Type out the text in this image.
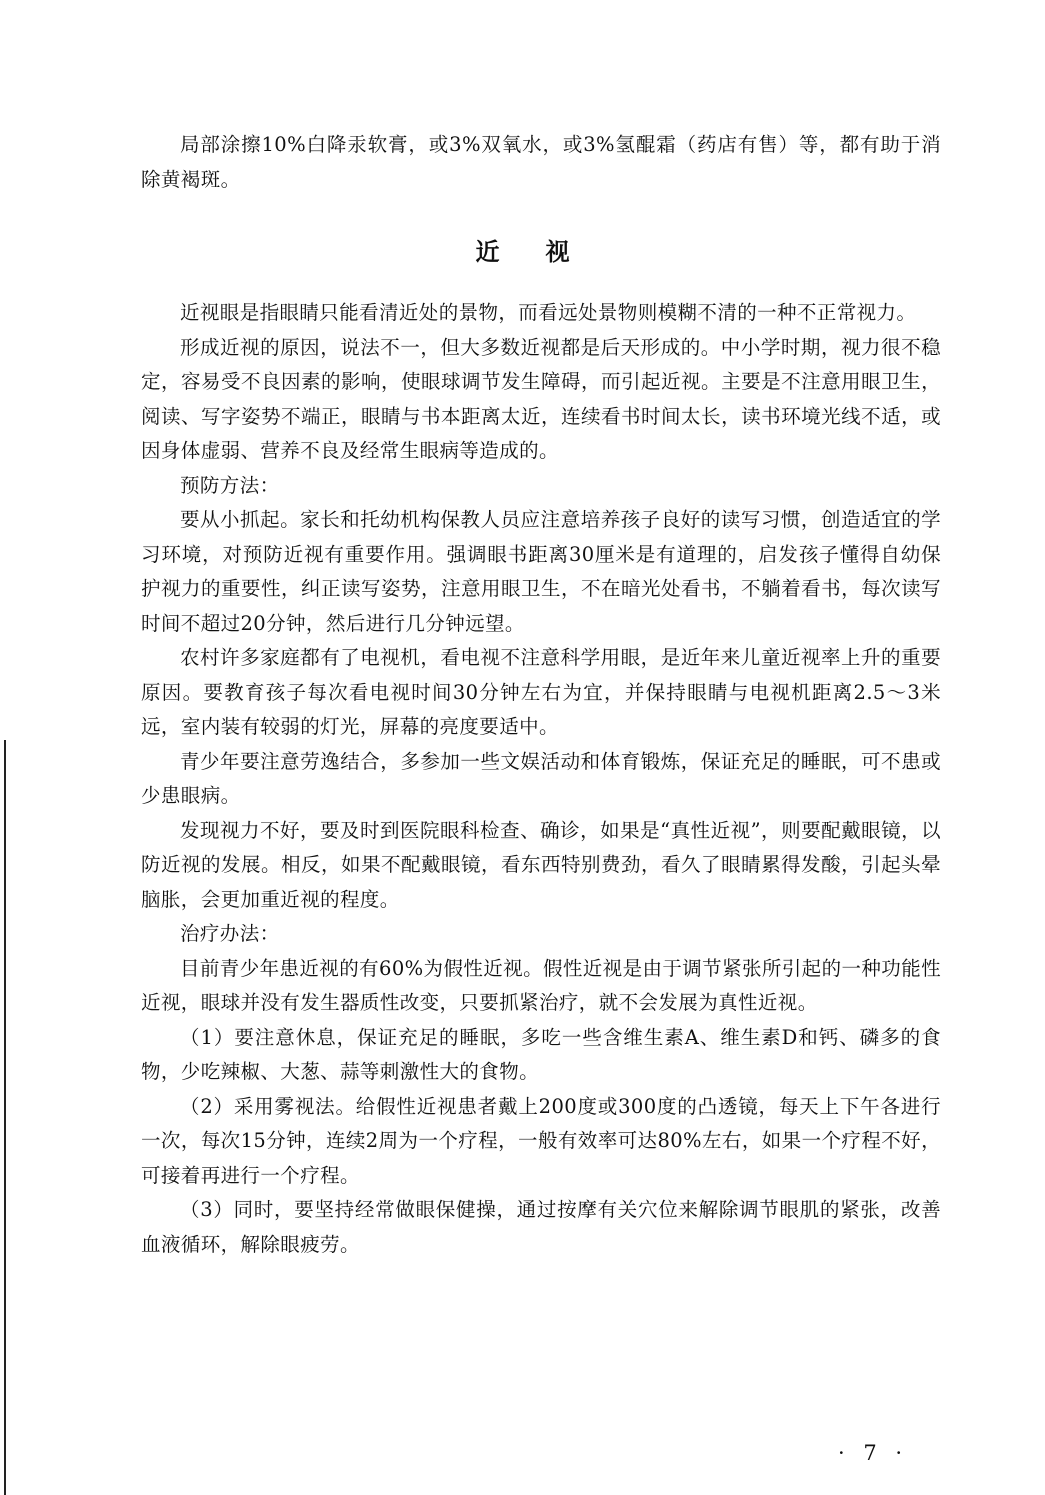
局部涂擦10%白降汞软膏，或3%双氧水，或3%氢醌霜（药店有售）等，都有助于消除黄褐斑。

近视

近视眼是指眼睛只能看清近处的景物，而看远处景物则模糊不清的一种不正常视力。

形成近视的原因，说法不一，但大多数近视都是后天形成的。中小学时期，视力很不稳定，容易受不良因素的影响，使眼球调节发生障碍，而引起近视。主要是不注意用眼卫生，阅读、写字姿势不端正，眼睛与书本距离太近，连续看书时间太长，读书环境光线不适，或因身体虚弱、营养不良及经常生眼病等造成的。

预防方法：

要从小抓起。家长和托幼机构保教人员应注意培养孩子良好的读写习惯，创造适宜的学习环境，对预防近视有重要作用。强调眼书距离30厘米是有道理的，启发孩子懂得自幼保护视力的重要性，纠正读写姿势，注意用眼卫生，不在暗光处看书，不躺着看书，每次读写时间不超过20分钟，然后进行几分钟远望。

农村许多家庭都有了电视机，看电视不注意科学用眼，是近年来儿童近视率上升的重要原因。要教育孩子每次看电视时间30分钟左右为宜，并保持眼睛与电视机距离2.5～3米远，室内装有较弱的灯光，屏幕的亮度要适中。

青少年要注意劳逸结合，多参加一些文娱活动和体育锻炼，保证充足的睡眠，可不患或少患眼病。

发现视力不好，要及时到医院眼科检查、确诊，如果是“真性近视”，则要配戴眼镜，以防近视的发展。相反，如果不配戴眼镜，看东西特别费劲，看久了眼睛累得发酸，引起头晕脑胀，会更加重近视的程度。

治疗办法：

目前青少年患近视的有60%为假性近视。假性近视是由于调节紧张所引起的一种功能性近视，眼球并没有发生器质性改变，只要抓紧治疗，就不会发展为真性近视。

（1）要注意休息，保证充足的睡眠，多吃一些含维生素A、维生素D和钙、磷多的食物，少吃辣椒、大葱、蒜等刺激性大的食物。

（2）采用雾视法。给假性近视患者戴上200度或300度的凸透镜，每天上下午各进行一次，每次15分钟，连续2周为一个疗程，一般有效率可达80%左右，如果一个疗程不好，可接着再进行一个疗程。

（3）同时，要坚持经常做眼保健操，通过按摩有关穴位来解除调节眼肌的紧张，改善血液循环，解除眼疲劳。

· 7 ·
